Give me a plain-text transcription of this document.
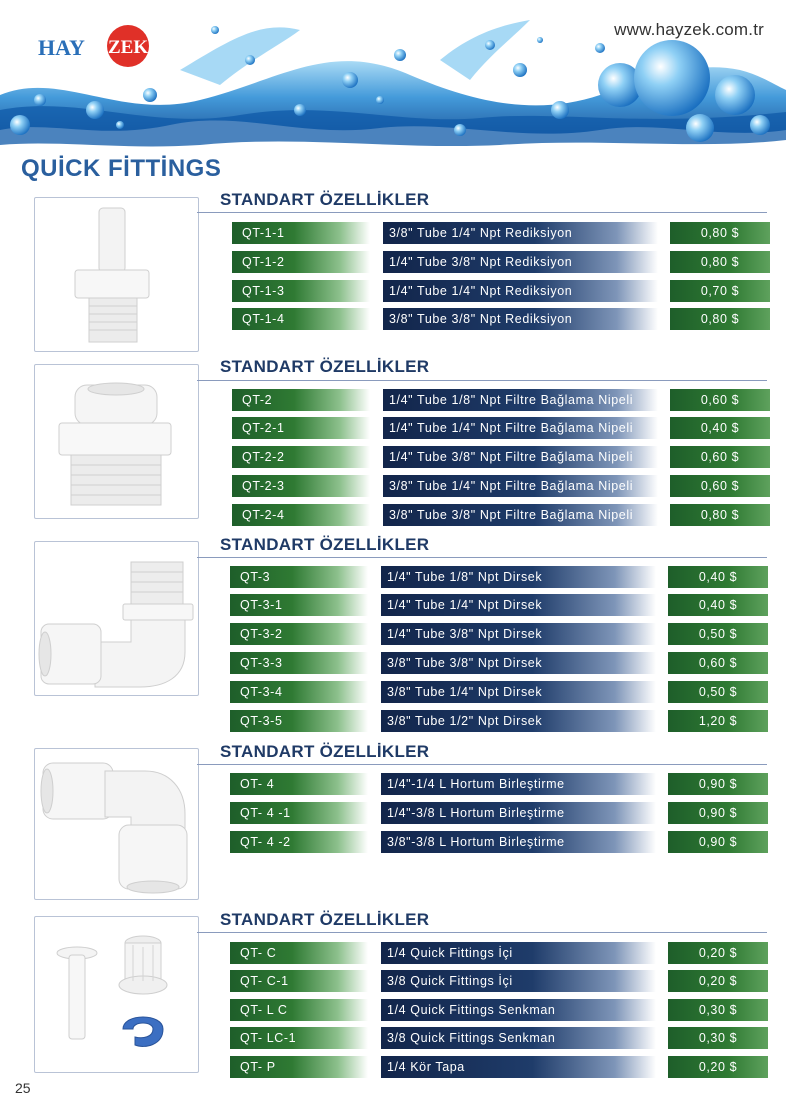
HAY ZEK
www.hayzek.com.tr
QUİCK FİTTİNGS
STANDART ÖZELLİKLER
QT-1-1	3/8" Tube 1/4" Npt Rediksiyon	0,80 $
QT-1-2	1/4" Tube 3/8" Npt Rediksiyon	0,80 $
QT-1-3	1/4" Tube 1/4" Npt Rediksiyon	0,70 $
QT-1-4	3/8" Tube 3/8" Npt Rediksiyon	0,80 $
STANDART ÖZELLİKLER
QT-2	1/4" Tube 1/8" Npt Filtre Bağlama Nipeli	0,60 $
QT-2-1	1/4" Tube 1/4" Npt Filtre Bağlama Nipeli	0,40 $
QT-2-2	1/4" Tube 3/8" Npt Filtre Bağlama Nipeli	0,60 $
QT-2-3	3/8" Tube 1/4" Npt Filtre Bağlama Nipeli	0,60 $
QT-2-4	3/8" Tube 3/8" Npt Filtre Bağlama Nipeli	0,80 $
STANDART ÖZELLİKLER
QT-3	1/4" Tube 1/8" Npt Dirsek	0,40 $
QT-3-1	1/4" Tube 1/4" Npt Dirsek	0,40 $
QT-3-2	1/4" Tube 3/8" Npt Dirsek	0,50 $
QT-3-3	3/8" Tube 3/8" Npt Dirsek	0,60 $
QT-3-4	3/8" Tube 1/4" Npt Dirsek	0,50 $
QT-3-5	3/8" Tube 1/2" Npt Dirsek	1,20 $
STANDART ÖZELLİKLER
OT- 4	1/4"-1/4 L Hortum Birleştirme	0,90 $
QT- 4 -1	1/4"-3/8 L Hortum Birleştirme	0,90 $
QT- 4 -2	3/8"-3/8 L Hortum Birleştirme	0,90 $
STANDART ÖZELLİKLER
QT- C	1/4 Quick Fittings İçi	0,20 $
QT- C-1	3/8 Quick Fittings İçi	0,20 $
QT- L C	1/4 Quick Fittings Senkman	0,30 $
QT- LC-1	3/8 Quick Fittings Senkman	0,30 $
QT- P	1/4 Kör Tapa	0,20 $
25
